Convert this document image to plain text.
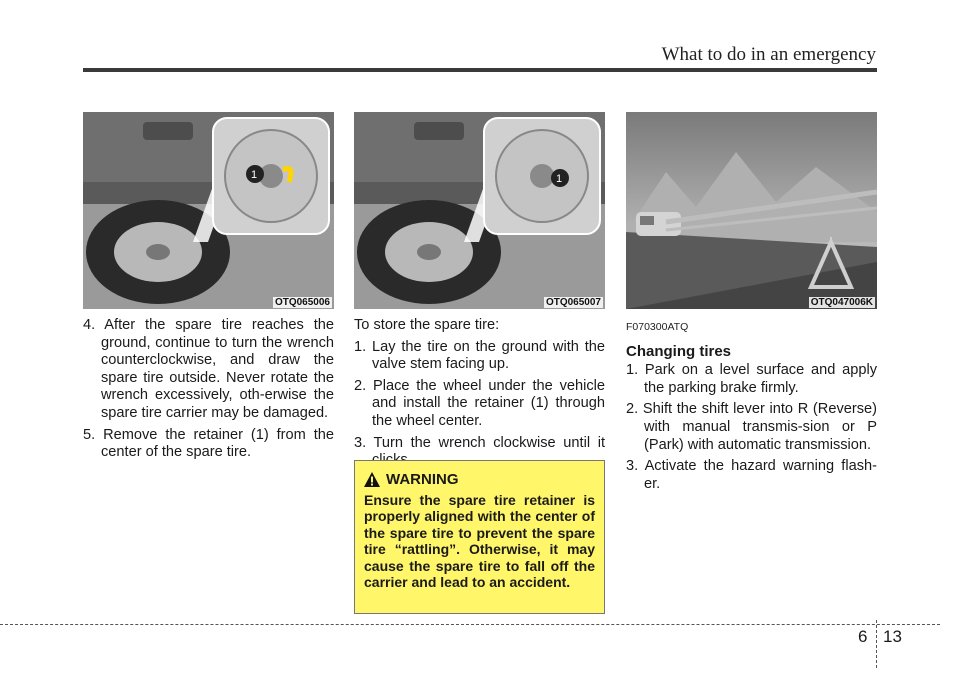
What to do in an emergency
1
OTQ065006

4. After the spare tire reaches the ground, continue to turn the wrench counterclockwise, and draw the spare tire outside. Never rotate the wrench excessively, oth-erwise the spare tire carrier may be damaged.

5. Remove the retainer (1) from the center of the spare tire.

1
OTQ065007

To store the spare tire:

1. Lay the tire on the ground with the valve stem facing up.

2. Place the wheel under the vehicle and install the retainer (1) through the wheel center.

3. Turn the wrench clockwise until it

WARNING
Ensure the spare tire retainer is properly aligned with the center of the spare tire to prevent the spare tire “rattling”. Otherwise, it may cause the spare tire to fall off the carrier and lead to an accident.
OTQ047006K

F070300ATQ

Changing tires

1. Park on a level surface and apply the parking brake firmly.

2. Shift the shift lever into R (Reverse) with manual transmis-sion or P (Park) with automatic transmission.

3. Activate the hazard warning flash-er.

6 13
